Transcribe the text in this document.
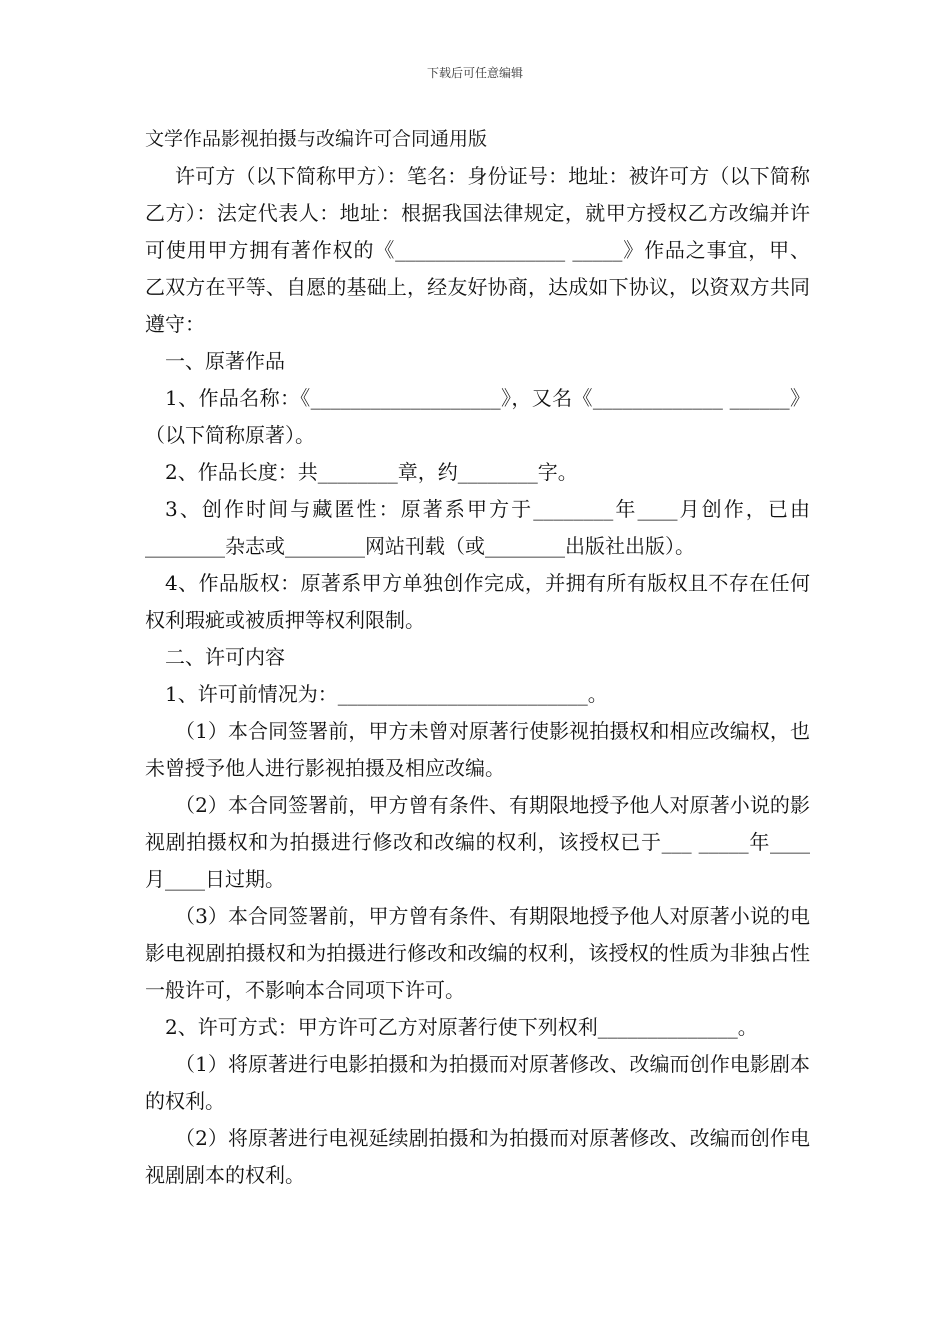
下载后可任意编辑
文学作品影视拍摄与改编许可合同通用版

许可方（以下简称甲方）：笔名：身份证号：地址：被许可方（以下简称乙方）：法定代表人：地址：根据我国法律规定，就甲方授权乙方改编并许可使用甲方拥有著作权的《_________________ _____》作品之事宜，甲、乙双方在平等、自愿的基础上，经友好协商，达成如下协议，以资双方共同遵守：

一、原著作品

1、作品名称：《___________________》，又名《_____________ ______》（以下简称原著）。

2、作品长度：共________章，约________字。

3、创作时间与藏匿性：原著系甲方于________年____月创作，已由________杂志或________网站刊载（或________出版社出版）。

4、作品版权：原著系甲方单独创作完成，并拥有所有版权且不存在任何权利瑕疵或被质押等权利限制。

二、许可内容

1、许可前情况为：_________________________。

（1）本合同签署前，甲方未曾对原著行使影视拍摄权和相应改编权，也未曾授予他人进行影视拍摄及相应改编。

（2）本合同签署前，甲方曾有条件、有期限地授予他人对原著小说的影视剧拍摄权和为拍摄进行修改和改编的权利，该授权已于___ _____年____月____日过期。

（3）本合同签署前，甲方曾有条件、有期限地授予他人对原著小说的电影电视剧拍摄权和为拍摄进行修改和改编的权利，该授权的性质为非独占性一般许可，不影响本合同项下许可。

2、许可方式：甲方许可乙方对原著行使下列权利______________。

（1）将原著进行电影拍摄和为拍摄而对原著修改、改编而创作电影剧本的权利。

（2）将原著进行电视延续剧拍摄和为拍摄而对原著修改、改编而创作电视剧剧本的权利。
